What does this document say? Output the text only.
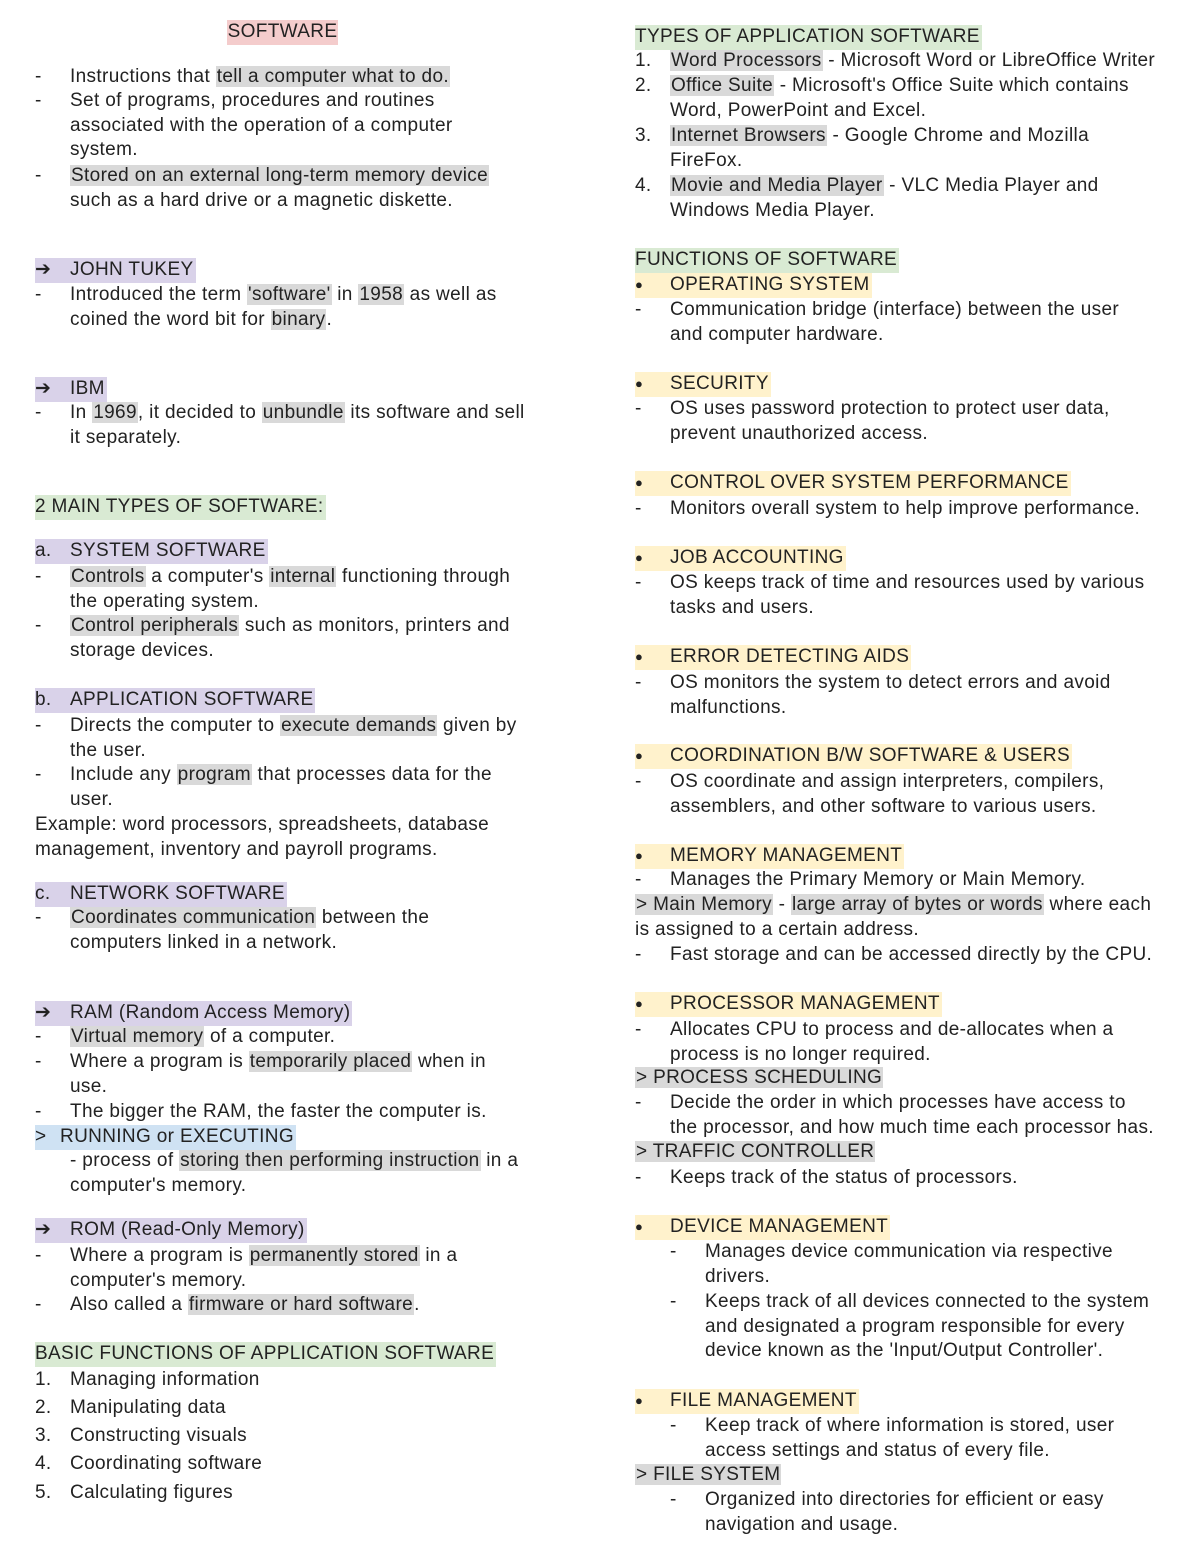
SOFTWARE
- Instructions that tell a computer what to do.
- Set of programs, procedures and routines
associated with the operation of a computer
system.
- Stored on an external long-term memory device
such as a hard drive or a magnetic diskette.
➔ JOHN TUKEY
- Introduced the term 'software' in 1958 as well as
coined the word bit for binary.
➔ IBM
- In 1969, it decided to unbundle its software and sell
it separately.
2 MAIN TYPES OF SOFTWARE:
a. SYSTEM SOFTWARE
- Controls a computer's internal functioning through
the operating system.
- Control peripherals such as monitors, printers and
storage devices.
b. APPLICATION SOFTWARE
- Directs the computer to execute demands given by
the user.
- Include any program that processes data for the
user.
Example: word processors, spreadsheets, database
management, inventory and payroll programs.
c. NETWORK SOFTWARE
- Coordinates communication between the
computers linked in a network.
➔ RAM (Random Access Memory)
- Virtual memory of a computer.
- Where a program is temporarily placed when in
use.
- The bigger the RAM, the faster the computer is.
> RUNNING or EXECUTING
- process of storing then performing instruction in a
computer's memory.
➔ ROM (Read-Only Memory)
- Where a program is permanently stored in a
computer's memory.
- Also called a firmware or hard software.
BASIC FUNCTIONS OF APPLICATION SOFTWARE
1. Managing information
2. Manipulating data
3. Constructing visuals
4. Coordinating software
5. Calculating figures
TYPES OF APPLICATION SOFTWARE
1. Word Processors - Microsoft Word or LibreOffice Writer
2. Office Suite - Microsoft's Office Suite which contains
Word, PowerPoint and Excel.
3. Internet Browsers - Google Chrome and Mozilla
FireFox.
4. Movie and Media Player - VLC Media Player and
Windows Media Player.
FUNCTIONS OF SOFTWARE
● OPERATING SYSTEM
- Communication bridge (interface) between the user
and computer hardware.
● SECURITY
- OS uses password protection to protect user data,
prevent unauthorized access.
● CONTROL OVER SYSTEM PERFORMANCE
- Monitors overall system to help improve performance.
● JOB ACCOUNTING
- OS keeps track of time and resources used by various
tasks and users.
● ERROR DETECTING AIDS
- OS monitors the system to detect errors and avoid
malfunctions.
● COORDINATION B/W SOFTWARE & USERS
- OS coordinate and assign interpreters, compilers,
assemblers, and other software to various users.
● MEMORY MANAGEMENT
- Manages the Primary Memory or Main Memory.
> Main Memory - large array of bytes or words where each
is assigned to a certain address.
- Fast storage and can be accessed directly by the CPU.
● PROCESSOR MANAGEMENT
- Allocates CPU to process and de-allocates when a
process is no longer required.
> PROCESS SCHEDULING
- Decide the order in which processes have access to
the processor, and how much time each processor has.
> TRAFFIC CONTROLLER
- Keeps track of the status of processors.
● DEVICE MANAGEMENT
- Manages device communication via respective
drivers.
- Keeps track of all devices connected to the system
and designated a program responsible for every
device known as the 'Input/Output Controller'.
● FILE MANAGEMENT
- Keep track of where information is stored, user
access settings and status of every file.
> FILE SYSTEM
- Organized into directories for efficient or easy
navigation and usage.
